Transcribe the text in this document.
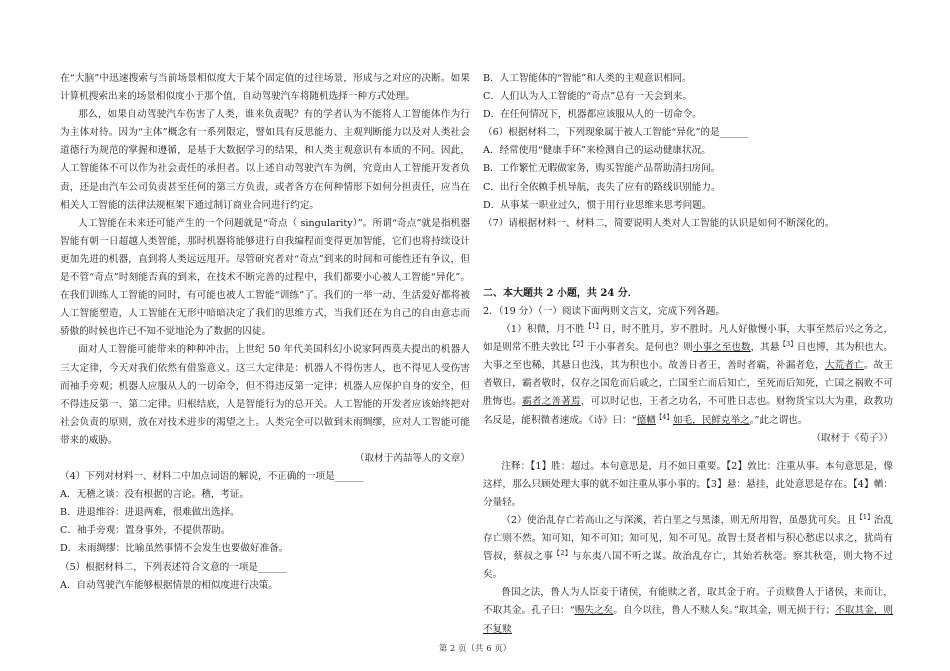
在“大脑”中迅速搜索与当前场景相似度大于某个固定值的过往场景，形成与之对应的决断。如果计算机搜索出来的场景相似度小于那个值，自动驾驶汽车将随机选择一种方式处理。

那么，如果自动驾驶汽车伤害了人类，谁来负责呢？有的学者认为不能将人工智能体作为行为主体对待。因为“主体”概念有一系列限定，譬如具有反思能力、主观判断能力以及对人类社会道德行为规范的掌握和遵循，是基于大数据学习的结果，和人类主观意识有本质的不同。因此，人工智能体不可以作为社会责任的承担者。以上述自动驾驶汽车为例，究竟由人工智能开发者负责，还是由汽车公司负责甚至任何的第三方负责，或者各方在何种情形下如何分担责任，应当在相关人工智能的法律法规框架下通过制订商业合同进行约定。

人工智能在未来还可能产生的一个问题就是“奇点（ singularity）”。所谓“奇点”就是指机器智能有朝一日超越人类智能，那时机器将能够进行自我编程而变得更加智能，它们也将持续设计更加先进的机器，直到将人类远远甩开。尽管研究者对“奇点”到来的时间和可能性还有争议，但是不管“奇点”时刻能否真的到来，在技术不断完善的过程中，我们都要小心被人工智能“异化”。在我们训练人工智能的同时，有可能也被人工智能“训练”了。我们的一举一动、生活爱好都将被人工智能塑造，人工智能在无形中暗暗决定了我们的思维方式，当我们还在为自己的自由意志而骄傲的时候也许已不知不觉地沦为了数据的囚徒。

面对人工智能可能带来的种种冲击，上世纪 50 年代美国科幻小说家阿西莫夫提出的机器人三大定律，今天对我们依然有借鉴意义。这三大定律是：机器人不得伤害人，也不得见人受伤害而袖手旁观；机器人应服从人的一切命令，但不得违反第一定律；机器人应保护自身的安全，但不得违反第一、第二定律。归根结底，人是智能行为的总开关。人工智能的开发者应该始终把对社会负责的原则，放在对技术进步的渴望之上。人类完全可以做到未雨绸缪，应对人工智能可能带来的威胁。

（取材于芮喆等人的文章）

（4）下列对材料一、材料二中加点词语的解说，不正确的一项是______

A．无稽之谈：没有根据的言论。稽，考证。

B．进退维谷：进退两难，很难做出选择。

C．袖手旁观：置身事外，不提供帮助。

D．未雨绸缪：比喻虽然事情不会发生也要做好准备。

（5）根据材料二，下列表述符合文意的一项是______

A．自动驾驶汽车能够根据情景的相似度进行决策。

B．人工智能体的“智能”和人类的主观意识相同。

C．人们认为人工智能的“奇点”总有一天会到来。

D．在任何情况下，机器都应该服从人的一切命令。

（6）根据材料二，下列现象属于被人工智能“异化”的是______

A．经常使用“健康手环”来检测自己的运动健康状况。

B．工作繁忙无暇做家务，购买智能产品帮助清扫房间。

C．出行全依赖手机导航，丧失了应有的路线识别能力。

D．从事某一职业过久，惯于用行业思维来思考问题。

（7）请根据材料一、材料二，简要说明人类对人工智能的认识是如何不断深化的。

二、本大题共 2 小题，共 24 分．

2．（19 分）（一）阅读下面两则文言文，完成下列各题。

（1）积微，月不胜$^{【1】}$日，时不胜月，岁不胜时。凡人好傲慢小事，大事至然后兴之务之，如是则常不胜夫敦比$^{【2】}$于小事者矣。是何也？则小事之至也数，其悬$^{【3】}$日也博，其为积也大。大事之至也稀，其悬日也浅，其为积也小。故善日者王，善时者霸，补漏者危，大荒者亡。故王者敬日，霸者敬时，仅存之国危而后戚之，亡国至亡而后知亡，至死而后知死，亡国之祸败不可胜悔也。霸者之善著焉，可以时记也，王者之功名，不可胜日志也。财物货宝以大为重，政教功名反是，能积微者速成。《诗》曰：“德輶$^{【4】}$如毛，民鲜克举之。”此之谓也。

（取材于《荀子》）

注释：【1】胜：超过。本句意思是，月不如日重要。【2】敦比：注重从事。本句意思是，像这样，那么只顾处理大事的就不如注重从事小事的。【3】悬：悬挂，此处意思是存在。【4】輶：分量轻。

（2）使治乱存亡若高山之与深溪，若白垩之与黑漆，则无所用智，虽愚犹可矣。且$^{【1】}$治乱存亡则不然。知可知，知不可知；知可见，知不可见。故智士贤者相与积心愁虑以求之，犹尚有管叔，蔡叔之事$^{【2】}$与东夷八国不听之谋。故治乱存亡，其始若秋毫。察其秋毫，则大物不过矣。

鲁国之法，鲁人为人臣妾于诸侯，有能赎之者，取其金于府。子贡赎鲁人于诸侯，来而让，不取其金。孔子曰：“赐失之矣。自今以往，鲁人不赎人矣。”取其金，则无损于行；不取其金，则不复赎

第 2 页（共 6 页）
